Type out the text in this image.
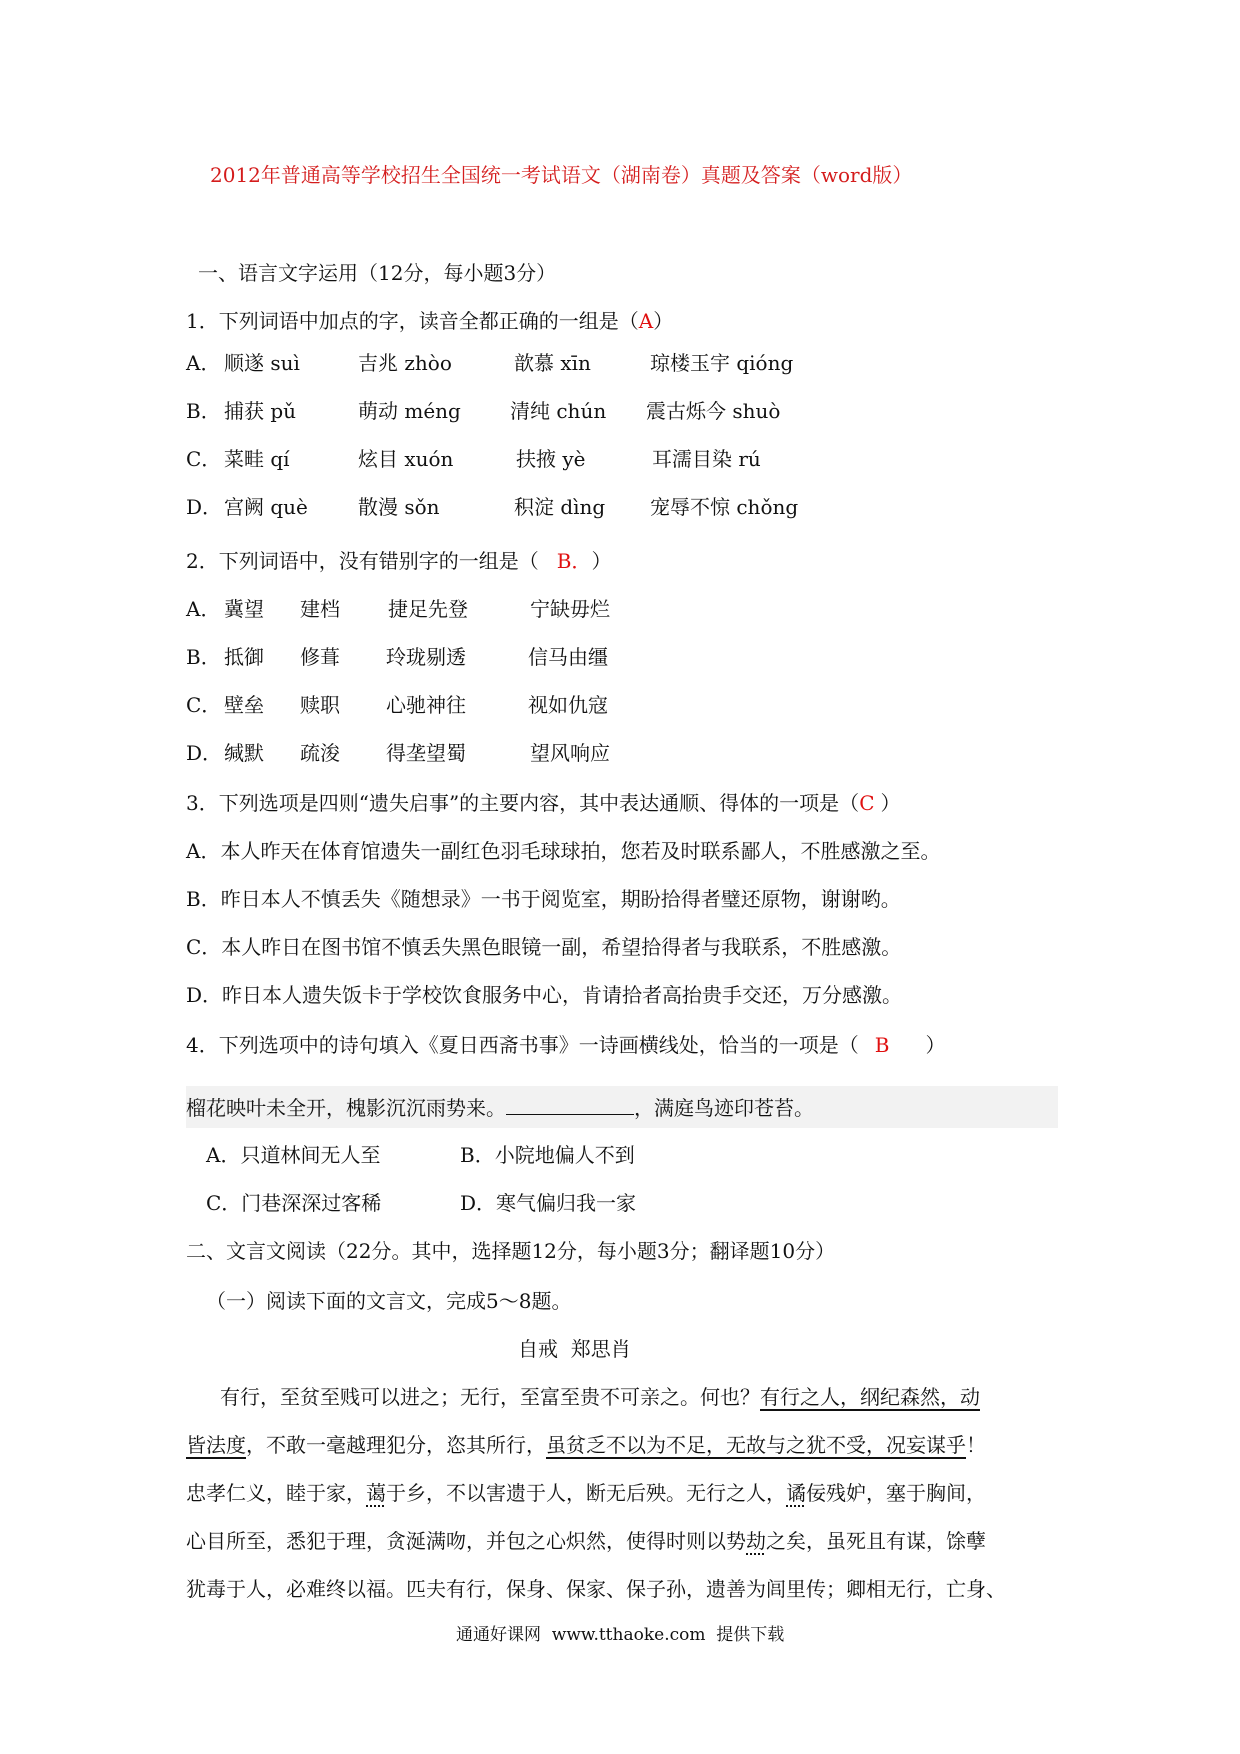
2012年普通高等学校招生全国统一考试语文（湖南卷）真题及答案（word版）
一、语言文字运用（12分，每小题3分）
1．下列词语中加点的字，读音全都正确的一组是（A）
A． 顺遂 suì	吉兆 zhòo	歆慕 xīn	琼楼玉宇 qióng
B． 捕获 pǔ	萌动 méng 清纯 chún 震古烁今 shuò
C． 菜畦 qí	炫目 xuón	扶掖 yè	耳濡目染 rú
D． 宫阙 què	散漫 sǒn	积淀 dìng 宠辱不惊 chǒng
2．下列词语中，没有错别字的一组是（ B． ）
A． 冀望 建档 捷足先登	宁缺毋烂
B． 抵御 修葺 玲珑剔透	信马由缰
C． 壁垒 赎职 心驰神往	视如仇寇
D． 缄默 疏浚 得垄望蜀	望风响应
3．下列选项是四则“遗失启事”的主要内容，其中表达通顺、得体的一项是（C ）
A．本人昨天在体育馆遗失一副红色羽毛球球拍，您若及时联系鄙人，不胜感激之至。
B．昨日本人不慎丢失《随想录》一书于阅览室，期盼拾得者璧还原物，谢谢哟。
C．本人昨日在图书馆不慎丢失黑色眼镜一副，希望拾得者与我联系，不胜感激。
D．昨日本人遗失饭卡于学校饮食服务中心，肯请拾者高抬贵手交还，万分感激。
4．下列选项中的诗句填入《夏日西斋书事》一诗画横线处，恰当的一项是（ B ）
榴花映叶未全开，槐影沉沉雨势来。	，满庭鸟迹印苍苔。
A．只道林间无人至	B．小院地偏人不到
C．门巷深深过客稀	D．寒气偏归我一家
二、文言文阅读（22分。其中，选择题12分，每小题3分；翻译题10分）
（一）阅读下面的文言文，完成5～8题。
自戒  郑思肖
有行，至贫至贱可以进之；无行，至富至贵不可亲之。何也？有行之人，纲纪森然，动
皆法度，不敢一毫越理犯分，恣其所行，虽贫乏不以为不足，无故与之犹不受，况妄谋乎！
忠孝仁义，睦于家，蔼于乡，不以害遗于人，断无后殃。无行之人，谲佞残妒，塞于胸间，
心目所至，悉犯于理，贪涎满吻，并包之心炽然，使得时则以势劫之矣，虽死且有谋，馀孽
犹毒于人，必难终以福。匹夫有行，保身、保家、保子孙，遗善为闾里传；卿相无行，亡身、
通通好课网  www.tthaoke.com  提供下载
